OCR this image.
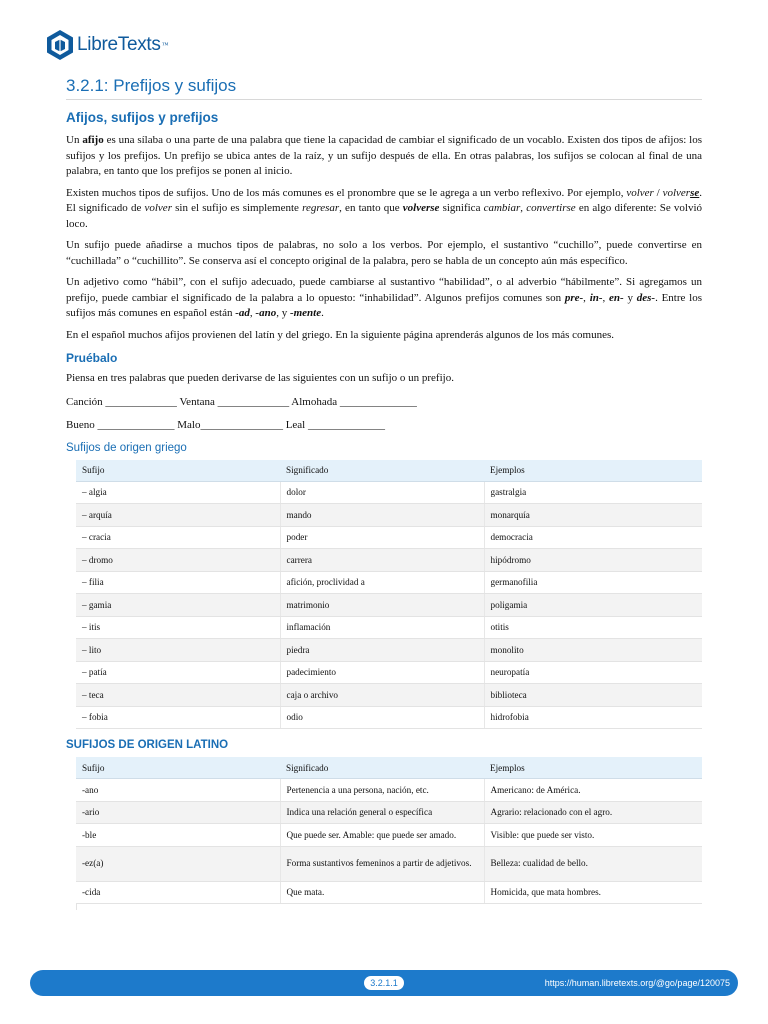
LibreTexts ™
3.2.1: Prefijos y sufijos
Afijos, sufijos y prefijos

Un afijo es una sílaba o una parte de una palabra que tiene la capacidad de cambiar el significado de un vocablo. Existen dos tipos de afijos: los sufijos y los prefijos. Un prefijo se ubica antes de la raíz, y un sufijo después de ella. En otras palabras, los sufijos se colocan al final de una palabra, en tanto que los prefijos se ponen al inicio.

Existen muchos tipos de sufijos. Uno de los más comunes es el pronombre que se le agrega a un verbo reflexivo. Por ejemplo, volver / volverse. El significado de volver sin el sufijo es simplemente regresar, en tanto que volverse significa cambiar, convertirse en algo diferente: Se volvió loco.

Un sufijo puede añadirse a muchos tipos de palabras, no solo a los verbos. Por ejemplo, el sustantivo “cuchillo”, puede convertirse en “cuchillada” o “cuchillito”. Se conserva así el concepto original de la palabra, pero se habla de un concepto aún más específico.

Un adjetivo como “hábil”, con el sufijo adecuado, puede cambiarse al sustantivo “habilidad”, o al adverbio “hábilmente”. Si agregamos un prefijo, puede cambiar el significado de la palabra a lo opuesto: “inhabilidad”. Algunos prefijos comunes son pre-, in-, en- y des-. Entre los sufijos más comunes en español están -ad, -ano, y -mente.

En el español muchos afijos provienen del latín y del griego. En la siguiente página aprenderás algunos de los más comunes.

Pruébalo

Piensa en tres palabras que pueden derivarse de las siguientes con un sufijo o un prefijo.

Canción _____________ Ventana _____________ Almohada ______________

Bueno ______________ Malo_______________ Leal ______________

Sufijos de origen griego
Sufijo	Significado	Ejemplos
– algia	dolor	gastralgia
– arquía	mando	monarquía
– cracia	poder	democracia
– dromo	carrera	hipódromo
– filia	afición, proclividad a	germanofilia
– gamia	matrimonio	poligamia
– itis	inflamación	otitis
– lito	piedra	monolito
– patía	padecimiento	neuropatía
– teca	caja o archivo	biblioteca
– fobia	odio	hidrofobia
SUFIJOS DE ORIGEN LATINO
Sufijo	Significado	Ejemplos
-ano	Pertenencia a una persona, nación, etc.	Americano: de América.
-ario	Indica una relación general o específica	Agrario: relacionado con el agro.
-ble	Que puede ser. Amable: que puede ser amado.	Visible: que puede ser visto.
-ez(a)	Forma sustantivos femeninos a partir de adjetivos.	Belleza: cualidad de bello.
-cida	Que mata.	Homicida, que mata hombres.
3.2.1.1	https://human.libretexts.org/@go/page/120075
